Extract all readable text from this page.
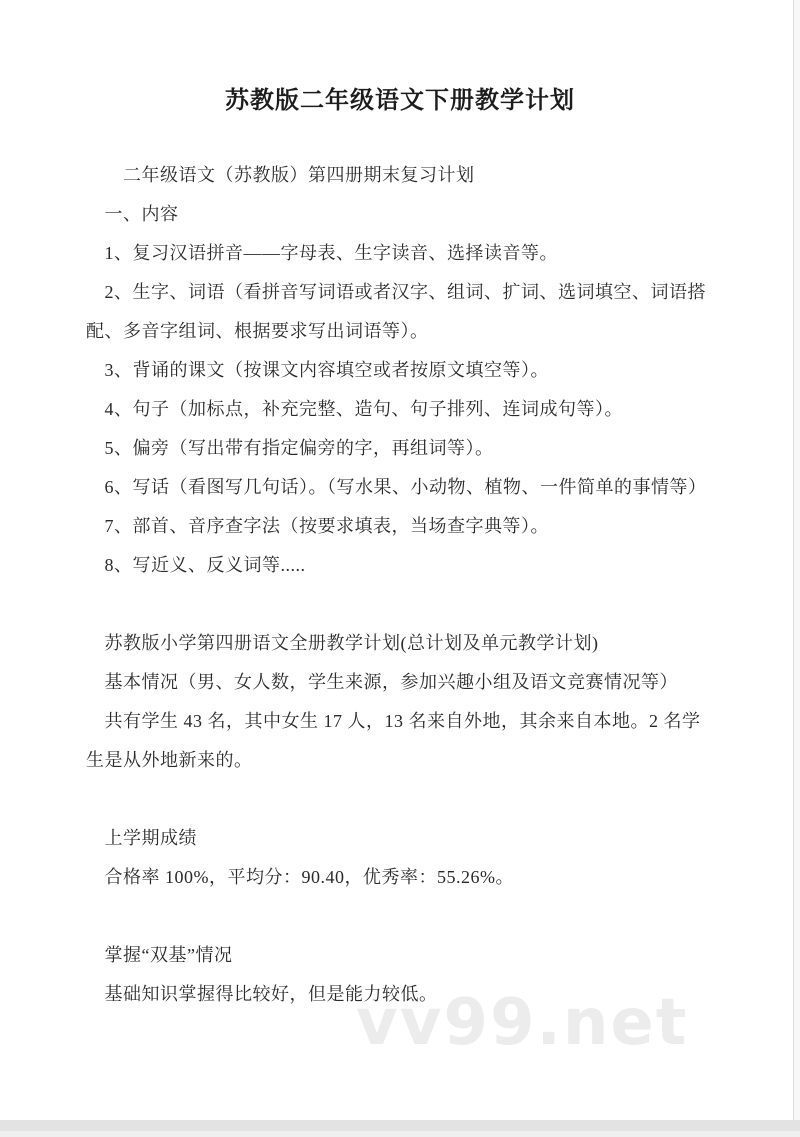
苏教版二年级语文下册教学计划

　　二年级语文（苏教版）第四册期末复习计划

　一、内容

　1、复习汉语拼音——字母表、生字读音、选择读音等。

　2、生字、词语（看拼音写词语或者汉字、组词、扩词、选词填空、词语搭配、多音字组词、根据要求写出词语等）。

　3、背诵的课文（按课文内容填空或者按原文填空等）。

　4、句子（加标点，补充完整、造句、句子排列、连词成句等）。

　5、偏旁（写出带有指定偏旁的字，再组词等）。

　6、写话（看图写几句话）。（写水果、小动物、植物、一件简单的事情等）

　7、部首、音序查字法（按要求填表，当场查字典等）。

　8、写近义、反义词等.....

　苏教版小学第四册语文全册教学计划(总计划及单元教学计划)

　基本情况（男、女人数，学生来源，参加兴趣小组及语文竞赛情况等）

　共有学生 43 名，其中女生 17 人，13 名来自外地，其余来自本地。2 名学生是从外地新来的。

　上学期成绩

　合格率 100%，平均分：90.40，优秀率：55.26%。

　掌握“双基”情况

　基础知识掌握得比较好，但是能力较低。

vv99.net
